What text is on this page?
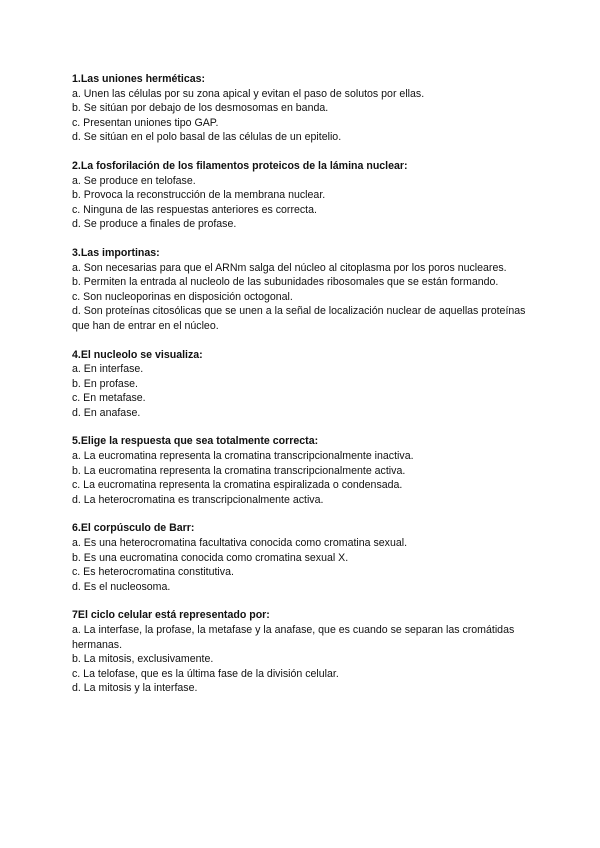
1.Las uniones herméticas:

a. Unen las células por su zona apical y evitan el paso de solutos por ellas.

b. Se sitúan por debajo de los desmosomas en banda.

c. Presentan uniones tipo GAP.

d. Se sitúan en el polo basal de las células de un epitelio.

2.La fosforilación de los filamentos proteicos de la lámina nuclear:

a. Se produce en telofase.

b. Provoca la reconstrucción de la membrana nuclear.

c. Ninguna de las respuestas anteriores es correcta.

d. Se produce a finales de profase.

3.Las importinas:

a. Son necesarias para que el ARNm salga del núcleo al citoplasma por los poros nucleares.

b. Permiten la entrada al nucleolo de las subunidades ribosomales que se están formando.

c. Son nucleoporinas en disposición octogonal.

d. Son proteínas citosólicas que se unen a la señal de localización nuclear de aquellas proteínas que han de entrar en el núcleo.

4.El nucleolo se visualiza:

a. En interfase.

b. En profase.

c. En metafase.

d. En anafase.

5.Elige la respuesta que sea totalmente correcta:

a. La eucromatina representa la cromatina transcripcionalmente inactiva.

b. La eucromatina representa la cromatina transcripcionalmente activa.

c. La eucromatina representa la cromatina espiralizada o condensada.

d. La heterocromatina es transcripcionalmente activa.

6.El corpúsculo de Barr:

a. Es una heterocromatina facultativa conocida como cromatina sexual.

b. Es una eucromatina conocida como cromatina sexual X.

c. Es heterocromatina constitutiva.

d. Es el nucleosoma.

7El ciclo celular está representado por:

a. La interfase, la profase, la metafase y la anafase, que es cuando se separan las cromátidas hermanas.

b. La mitosis, exclusivamente.

c. La telofase, que es la última fase de la división celular.

d. La mitosis y la interfase.
